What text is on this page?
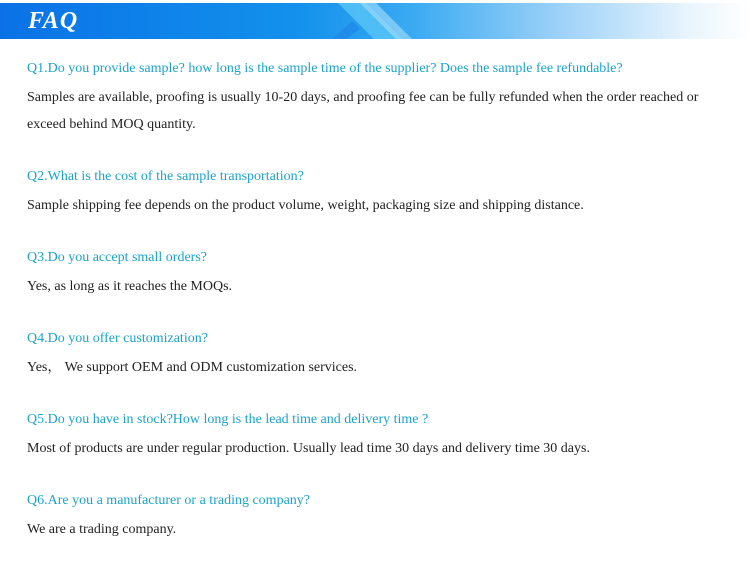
FAQ

Q1.Do you provide sample? how long is the sample time of the supplier? Does the sample fee refundable?

Samples are available, proofing is usually 10-20 days, and proofing fee can be fully refunded when the order reached or exceed behind MOQ quantity.

Q2.What is the cost of the sample transportation?

Sample shipping fee depends on the product volume, weight, packaging size and shipping distance.

Q3.Do you accept small orders?

Yes, as long as it reaches the MOQs.

Q4.Do you offer customization?

Yes， We support OEM and ODM customization services.

Q5.Do you have in stock?How long is the lead time and delivery time ?

Most of products are under regular production. Usually lead time 30 days and delivery time 30 days.

Q6.Are you a manufacturer or a trading company?

We are a trading company.
